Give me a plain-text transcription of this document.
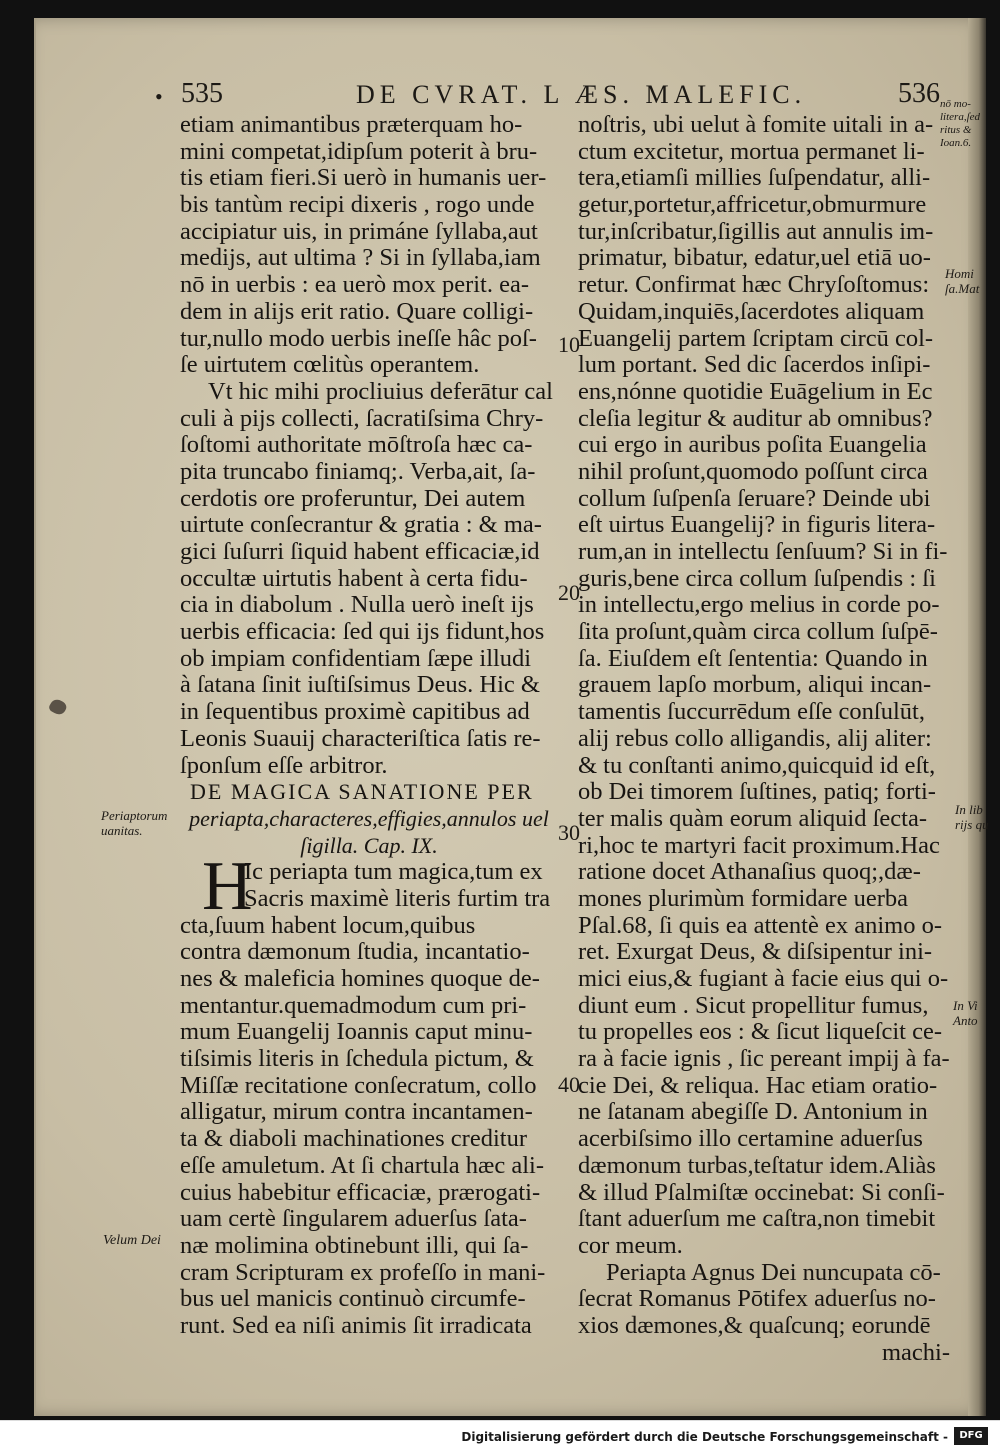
• 535	DE CVRAT. L ÆS. MALEFIC.	536
etiam animantibus præterquam ho-
mini competat,idipſum poterit à bru-
tis etiam fieri.Si uerò in humanis uer-
bis tantùm recipi dixeris , rogo unde
accipiatur uis, in primáne ſyllaba,aut
medijs, aut ultima ? Si in ſyllaba,iam
nō in uerbis : ea uerò mox perit. ea-
dem in alijs erit ratio. Quare colligi-
tur,nullo modo uerbis ineſſe hâc poſ-
ſe uirtutem cœlitùs operantem.
Vt hic mihi procliuius deferātur cal
culi à pijs collecti, ſacratiſsima Chry-
ſoſtomi authoritate mōſtroſa hæc ca-
pita truncabo finiamq;. Verba,ait, ſa-
cerdotis ore proferuntur, Dei autem
uirtute conſecrantur & gratia : & ma-
gici ſuſurri ſiquid habent efficaciæ,id
occultæ uirtutis habent à certa fidu-
cia in diabolum . Nulla uerò ineſt ijs
uerbis efficacia: ſed qui ijs fidunt,hos
ob impiam confidentiam ſæpe illudi
à ſatana ſinit iuſtiſsimus Deus. Hic &
in ſequentibus proximè capitibus ad
Leonis Suauij characteriſtica ſatis re-
ſponſum eſſe arbitror.
DE MAGICA SANATIONE PER
periapta,characteres,effigies,annulos uel
ſigilla. Cap. IX.
H
Ic periapta tum magica,tum ex
Sacris maximè literis furtim tra
cta,ſuum habent locum,quibus
contra dæmonum ſtudia, incantatio-
nes & maleficia homines quoque de-
mentantur.quemadmodum cum pri-
mum Euangelij Ioannis caput minu-
tiſsimis literis in ſchedula pictum, &
Miſſæ recitatione conſecratum, collo
alligatur, mirum contra incantamen-
ta & diaboli machinationes creditur
eſſe amuletum. At ſi chartula hæc ali-
cuius habebitur efficaciæ, prærogati-
uam certè ſingularem aduerſus ſata-
næ molimina obtinebunt illi, qui ſa-
cram Scripturam ex profeſſo in mani-
bus uel manicis continuò circumfe-
runt. Sed ea niſi animis ſit irradicata
noſtris, ubi uelut à fomite uitali in a-
ctum excitetur, mortua permanet li-
tera,etiamſi millies ſuſpendatur, alli-
getur,portetur,affricetur,obmurmure
tur,inſcribatur,ſigillis aut annulis im-
primatur, bibatur, edatur,uel etiā uo-
retur. Confirmat hæc Chryſoſtomus:
Quidam,inquiēs,ſacerdotes aliquam
Euangelij partem ſcriptam circū col-
lum portant. Sed dic ſacerdos inſipi-
ens,nónne quotidie Euāgelium in Ec
cleſia legitur & auditur ab omnibus?
cui ergo in auribus poſita Euangelia
nihil proſunt,quomodo poſſunt circa
collum ſuſpenſa ſeruare? Deinde ubi
eſt uirtus Euangelij? in figuris litera-
rum,an in intellectu ſenſuum? Si in fi-
guris,bene circa collum ſuſpendis : ſi
in intellectu,ergo melius in corde po-
ſita proſunt,quàm circa collum ſuſpē-
ſa. Eiuſdem eſt ſententia: Quando in
grauem lapſo morbum, aliqui incan-
tamentis ſuccurrēdum eſſe conſulūt,
alij rebus collo alligandis, alij aliter:
& tu conſtanti animo,quicquid id eſt,
ob Dei timorem ſuſtines, patiq; forti-
ter malis quàm eorum aliquid ſecta-
ri,hoc te martyri facit proximum.Hac
ratione docet Athanaſius quoq;,dæ-
mones plurimùm formidare uerba
Pſal.68, ſi quis ea attentè ex animo o-
ret. Exurgat Deus, & diſsipentur ini-
mici eius,& fugiant à facie eius qui o-
diunt eum . Sicut propellitur fumus,
tu propelles eos : & ſicut liqueſcit ce-
ra à facie ignis , ſic pereant impij à fa-
cie Dei, & reliqua. Hac etiam oratio-
ne ſatanam abegiſſe D. Antonium in
acerbiſsimo illo certamine aduerſus
dæmonum turbas,teſtatur idem.Aliàs
& illud Pſalmiſtæ occinebat: Si conſi-
ſtant aduerſum me caſtra,non timebit
cor meum.
Periapta Agnus Dei nuncupata cō-
ſecrat Romanus Pōtifex aduerſus no-
xios dæmones,& quaſcunq; eorundē
machi-
10
20
30
40
Periaptorum
uanitas.
Velum Dei
nō mo-
litera,ſed
ritus &
Ioan.6.
Homi
ſa.Mat
In lib
rijs qu
In Vi
Anto
Digitalisierung gefördert durch die Deutsche Forschungsgemeinschaft -	DFG
